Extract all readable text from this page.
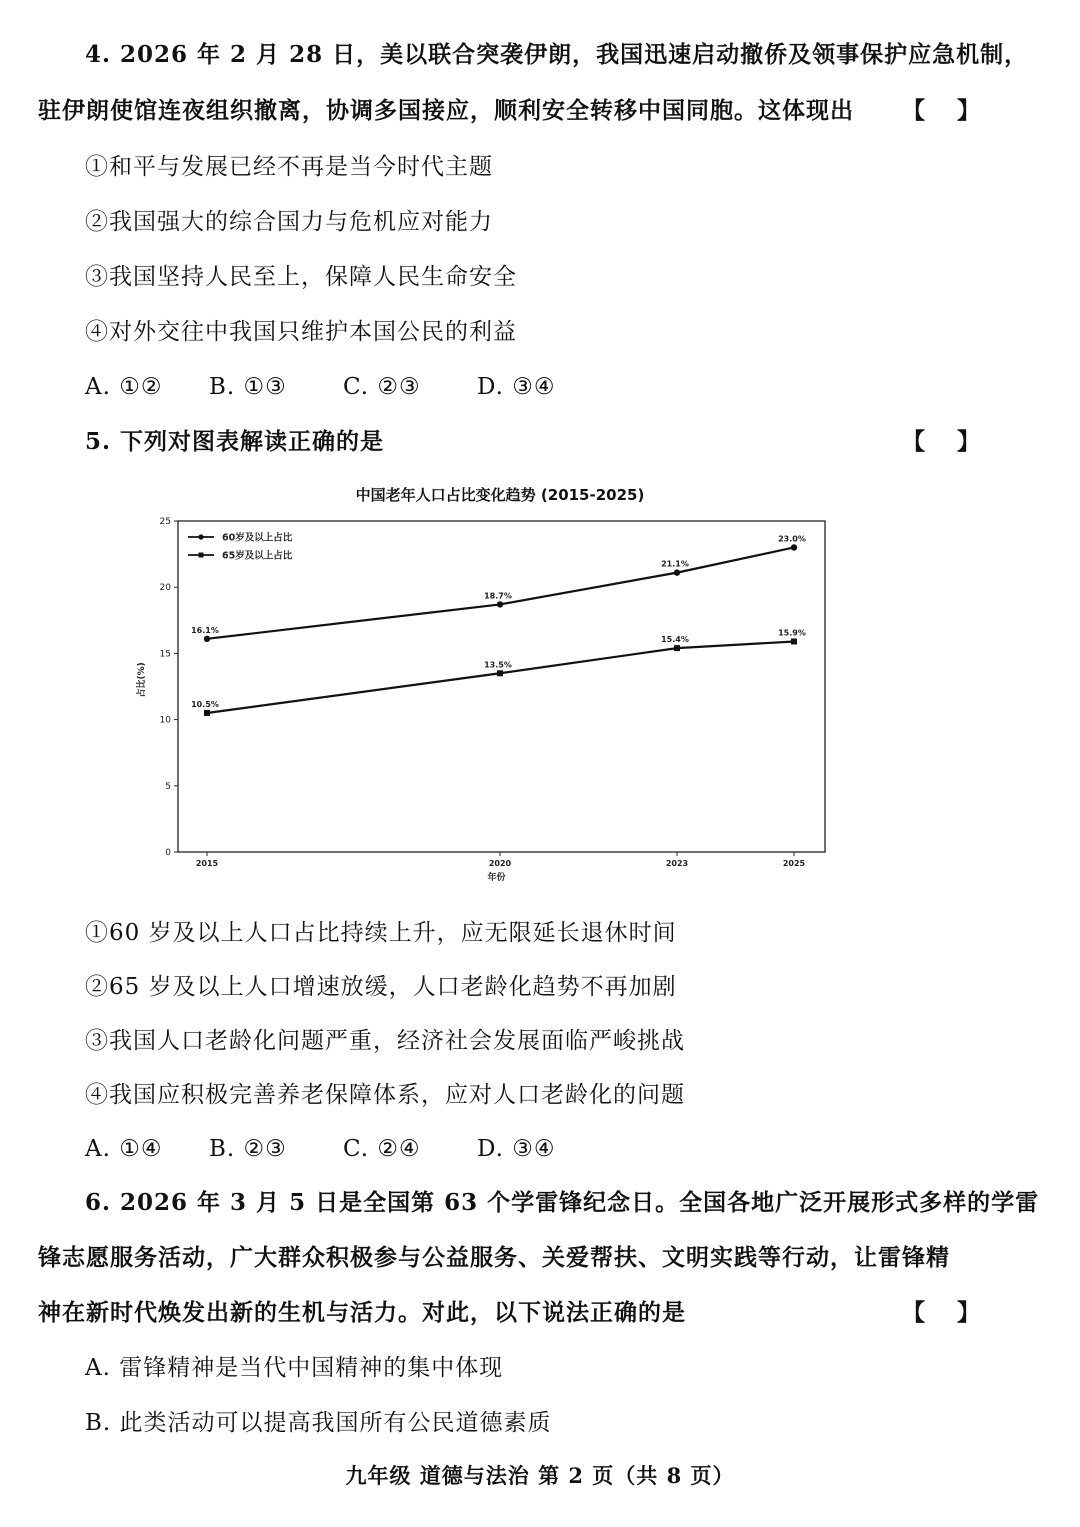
4. 2026 年 2 月 28 日，美以联合突袭伊朗，我国迅速启动撤侨及领事保护应急机制，
驻伊朗使馆连夜组织撤离，协调多国接应，顺利安全转移中国同胞。这体现出 【    】
①和平与发展已经不再是当今时代主题
②我国强大的综合国力与危机应对能力
③我国坚持人民至上，保障人民生命安全
④对外交往中我国只维护本国公民的利益
A. ①② B. ①③ C. ②③ D. ③④
5. 下列对图表解读正确的是	【    】
中国老年人口占比变化趋势 (2015-2025)
0
5
10
15
20
25
2015	2020	2023	2025
年份
占比(%)
16.1%
18.7%
21.1%
23.0%
60岁及以上占比
10.5%
13.5%
15.4%
15.9%
65岁及以上占比
①60 岁及以上人口占比持续上升，应无限延长退休时间
②65 岁及以上人口增速放缓，人口老龄化趋势不再加剧
③我国人口老龄化问题严重，经济社会发展面临严峻挑战
④我国应积极完善养老保障体系，应对人口老龄化的问题
A. ①④ B. ②③ C. ②④ D. ③④
6. 2026 年 3 月 5 日是全国第 63 个学雷锋纪念日。全国各地广泛开展形式多样的学雷
锋志愿服务活动，广大群众积极参与公益服务、关爱帮扶、文明实践等行动，让雷锋精
神在新时代焕发出新的生机与活力。对此，以下说法正确的是	【    】
A. 雷锋精神是当代中国精神的集中体现
B. 此类活动可以提高我国所有公民道德素质
九年级 道德与法治 第 2 页（共 8 页）
